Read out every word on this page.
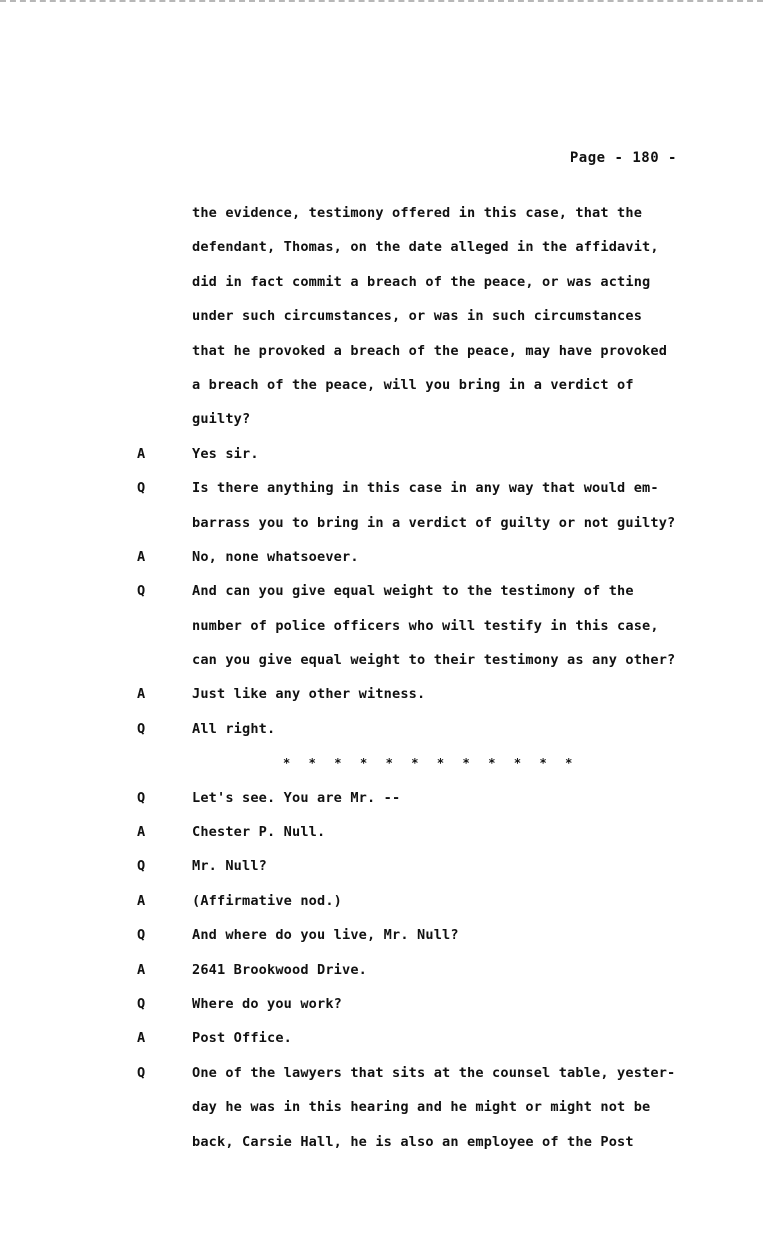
Page - 180 -
the evidence, testimony offered in this case, that the
defendant, Thomas, on the date alleged in the affidavit,
did in fact commit a breach of the peace, or was acting
under such circumstances, or was in such circumstances
that he provoked a breach of the peace, may have provoked
a breach of the peace, will you bring in a verdict of
guilty?
A	Yes sir.
Q	Is there anything in this case in any way that would em-
barrass you to bring in a verdict of guilty or not guilty?
A	No, none whatsoever.
Q	And can you give equal weight to the testimony of the
number of police officers who will testify in this case,
can you give equal weight to their testimony as any other?
A	Just like any other witness.
Q	All right.
* * * * * * * * * * * *
Q	Let's see. You are Mr. --
A	Chester P. Null.
Q	Mr. Null?
A	(Affirmative nod.)
Q	And where do you live, Mr. Null?
A	2641 Brookwood Drive.
Q	Where do you work?
A	Post Office.
Q	One of the lawyers that sits at the counsel table, yester-
day he was in this hearing and he might or might not be
back, Carsie Hall, he is also an employee of the Post
